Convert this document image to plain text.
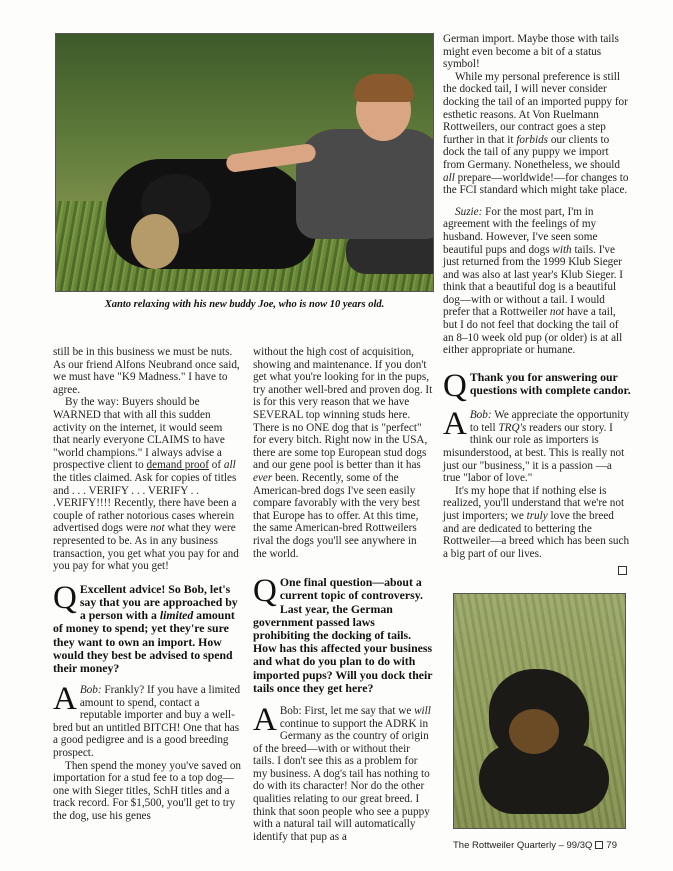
Xanto relaxing with his new buddy Joe, who is now 10 years old.

still be in this business we must be nuts. As our friend Alfons Neubrand once said, we must have "K9 Madness." I have to agree.

By the way: Buyers should be WARNED that with all this sudden activity on the internet, it would seem that nearly everyone CLAIMS to have "world champions." I always advise a prospective client to demand proof of all the titles claimed. Ask for copies of titles and . . . VERIFY . . . VERIFY . . .VERIFY!!!! Recently, there have been a couple of rather notorious cases wherein advertised dogs were not what they were represented to be. As in any business transaction, you get what you pay for and you pay for what you get!

Q Excellent advice! So Bob, let's say that you are approached by a person with a limited amount of money to spend; yet they're sure they want to own an import. How would they best be advised to spend their money?

A Bob: Frankly? If you have a limited amount to spend, contact a reputable importer and buy a well-bred but an untitled BITCH! One that has a good pedigree and is a good breeding prospect.

Then spend the money you've saved on importation for a stud fee to a top dog—one with Sieger titles, SchH titles and a track record. For $1,500, you'll get to try the dog, use his genes

without the high cost of acquisition, showing and maintenance. If you don't get what you're looking for in the pups, try another well-bred and proven dog. It is for this very reason that we have SEVERAL top winning studs here. There is no ONE dog that is "perfect" for every bitch. Right now in the USA, there are some top European stud dogs and our gene pool is better than it has ever been. Recently, some of the American-bred dogs I've seen easily compare favorably with the very best that Europe has to offer. At this time, the same American-bred Rottweilers rival the dogs you'll see anywhere in the world.

Q One final question—about a current topic of controversy. Last year, the German government passed laws prohibiting the docking of tails. How has this affected your business and what do you plan to do with imported pups? Will you dock their tails once they get here?

A Bob: First, let me say that we will continue to support the ADRK in Germany as the country of origin of the breed—with or without their tails. I don't see this as a problem for my business. A dog's tail has nothing to do with its character! Nor do the other qualities relating to our great breed. I think that soon people who see a puppy with a natural tail will automatically identify that pup as a

German import. Maybe those with tails might even become a bit of a status symbol!

While my personal preference is still the docked tail, I will never consider docking the tail of an imported puppy for esthetic reasons. At Von Ruelmann Rottweilers, our contract goes a step further in that it forbids our clients to dock the tail of any puppy we import from Germany. Nonetheless, we should all prepare—worldwide!—for changes to the FCI standard which might take place.

Suzie: For the most part, I'm in agreement with the feelings of my husband. However, I've seen some beautiful pups and dogs with tails. I've just returned from the 1999 Klub Sieger and was also at last year's Klub Sieger. I think that a beautiful dog is a beautiful dog—with or without a tail. I would prefer that a Rottweiler not have a tail, but I do not feel that docking the tail of an 8–10 week old pup (or older) is at all either appropriate or humane.

Q Thank you for answering our questions with complete candor.

A Bob: We appreciate the opportunity to tell TRQ's readers our story. I think our role as importers is misunderstood, at best. This is really not just our "business," it is a passion —a true "labor of love."

It's my hope that if nothing else is realized, you'll understand that we're not just importers; we truly love the breed and are dedicated to bettering the Rottweiler—a breed which has been such a big part of our lives.

The Rottweiler Quarterly – 99/3Q 79
